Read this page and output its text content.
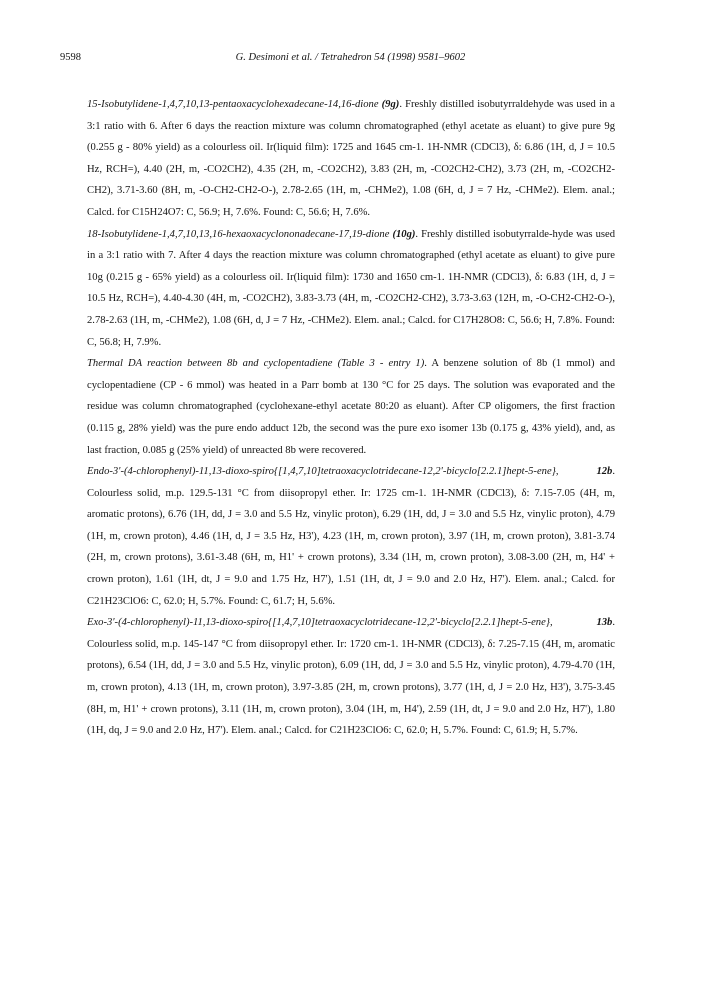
9598	G. Desimoni et al. / Tetrahedron 54 (1998) 9581–9602

15-Isobutylidene-1,4,7,10,13-pentaoxacyclohexadecane-14,16-dione (9g). Freshly distilled isobutyrraldehyde was used in a 3:1 ratio with 6. After 6 days the reaction mixture was column chromatographed (ethyl acetate as eluant) to give pure 9g (0.255 g - 80% yield) as a colourless oil. Ir(liquid film): 1725 and 1645 cm-1. 1H-NMR (CDCl3), δ: 6.86 (1H, d, J = 10.5 Hz, RCH=), 4.40 (2H, m, -CO2CH2), 4.35 (2H, m, -CO2CH2), 3.83 (2H, m, -CO2CH2-CH2), 3.73 (2H, m, -CO2CH2-CH2), 3.71-3.60 (8H, m, -O-CH2-CH2-O-), 2.78-2.65 (1H, m, -CHMe2), 1.08 (6H, d, J = 7 Hz, -CHMe2). Elem. anal.; Calcd. for C15H24O7: C, 56.9; H, 7.6%. Found: C, 56.6; H, 7.6%.

18-Isobutylidene-1,4,7,10,13,16-hexaoxacyclononadecane-17,19-dione (10g). Freshly distilled isobutyrralde-hyde was used in a 3:1 ratio with 7. After 4 days the reaction mixture was column chromatographed (ethyl acetate as eluant) to give pure 10g (0.215 g - 65% yield) as a colourless oil. Ir(liquid film): 1730 and 1650 cm-1. 1H-NMR (CDCl3), δ: 6.83 (1H, d, J = 10.5 Hz, RCH=), 4.40-4.30 (4H, m, -CO2CH2), 3.83-3.73 (4H, m, -CO2CH2-CH2), 3.73-3.63 (12H, m, -O-CH2-CH2-O-), 2.78-2.63 (1H, m, -CHMe2), 1.08 (6H, d, J = 7 Hz, -CHMe2). Elem. anal.; Calcd. for C17H28O8: C, 56.6; H, 7.8%. Found: C, 56.8; H, 7.9%.

Thermal DA reaction between 8b and cyclopentadiene (Table 3 - entry 1). A benzene solution of 8b (1 mmol) and cyclopentadiene (CP - 6 mmol) was heated in a Parr bomb at 130 °C for 25 days. The solution was evaporated and the residue was column chromatographed (cyclohexane-ethyl acetate 80:20 as eluant). After CP oligomers, the first fraction (0.115 g, 28% yield) was the pure endo adduct 12b, the second was the pure exo isomer 13b (0.175 g, 43% yield), and, as last fraction, 0.085 g (25% yield) of unreacted 8b were recovered.

Endo-3'-(4-chlorophenyl)-11,13-dioxo-spiro{[1,4,7,10]tetraoxacyclotridecane-12,2'-bicyclo[2.2.1]hept-5-ene}, 12b. Colourless solid, m.p. 129.5-131 °C from diisopropyl ether. Ir: 1725 cm-1. 1H-NMR (CDCl3), δ: 7.15-7.05 (4H, m, aromatic protons), 6.76 (1H, dd, J = 3.0 and 5.5 Hz, vinylic proton), 6.29 (1H, dd, J = 3.0 and 5.5 Hz, vinylic proton), 4.79 (1H, m, crown proton), 4.46 (1H, d, J = 3.5 Hz, H3'), 4.23 (1H, m, crown proton), 3.97 (1H, m, crown proton), 3.81-3.74 (2H, m, crown protons), 3.61-3.48 (6H, m, H1' + crown protons), 3.34 (1H, m, crown proton), 3.08-3.00 (2H, m, H4' + crown proton), 1.61 (1H, dt, J = 9.0 and 1.75 Hz, H7'), 1.51 (1H, dt, J = 9.0 and 2.0 Hz, H7'). Elem. anal.; Calcd. for C21H23ClO6: C, 62.0; H, 5.7%. Found: C, 61.7; H, 5.6%.

Exo-3'-(4-chlorophenyl)-11,13-dioxo-spiro{[1,4,7,10]tetraoxacyclotridecane-12,2'-bicyclo[2.2.1]hept-5-ene}, 13b. Colourless solid, m.p. 145-147 °C from diisopropyl ether. Ir: 1720 cm-1. 1H-NMR (CDCl3), δ: 7.25-7.15 (4H, m, aromatic protons), 6.54 (1H, dd, J = 3.0 and 5.5 Hz, vinylic proton), 6.09 (1H, dd, J = 3.0 and 5.5 Hz, vinylic proton), 4.79-4.70 (1H, m, crown proton), 4.13 (1H, m, crown proton), 3.97-3.85 (2H, m, crown protons), 3.77 (1H, d, J = 2.0 Hz, H3'), 3.75-3.45 (8H, m, H1' + crown protons), 3.11 (1H, m, crown proton), 3.04 (1H, m, H4'), 2.59 (1H, dt, J = 9.0 and 2.0 Hz, H7'), 1.80 (1H, dq, J = 9.0 and 2.0 Hz, H7'). Elem. anal.; Calcd. for C21H23ClO6: C, 62.0; H, 5.7%. Found: C, 61.9; H, 5.7%.
